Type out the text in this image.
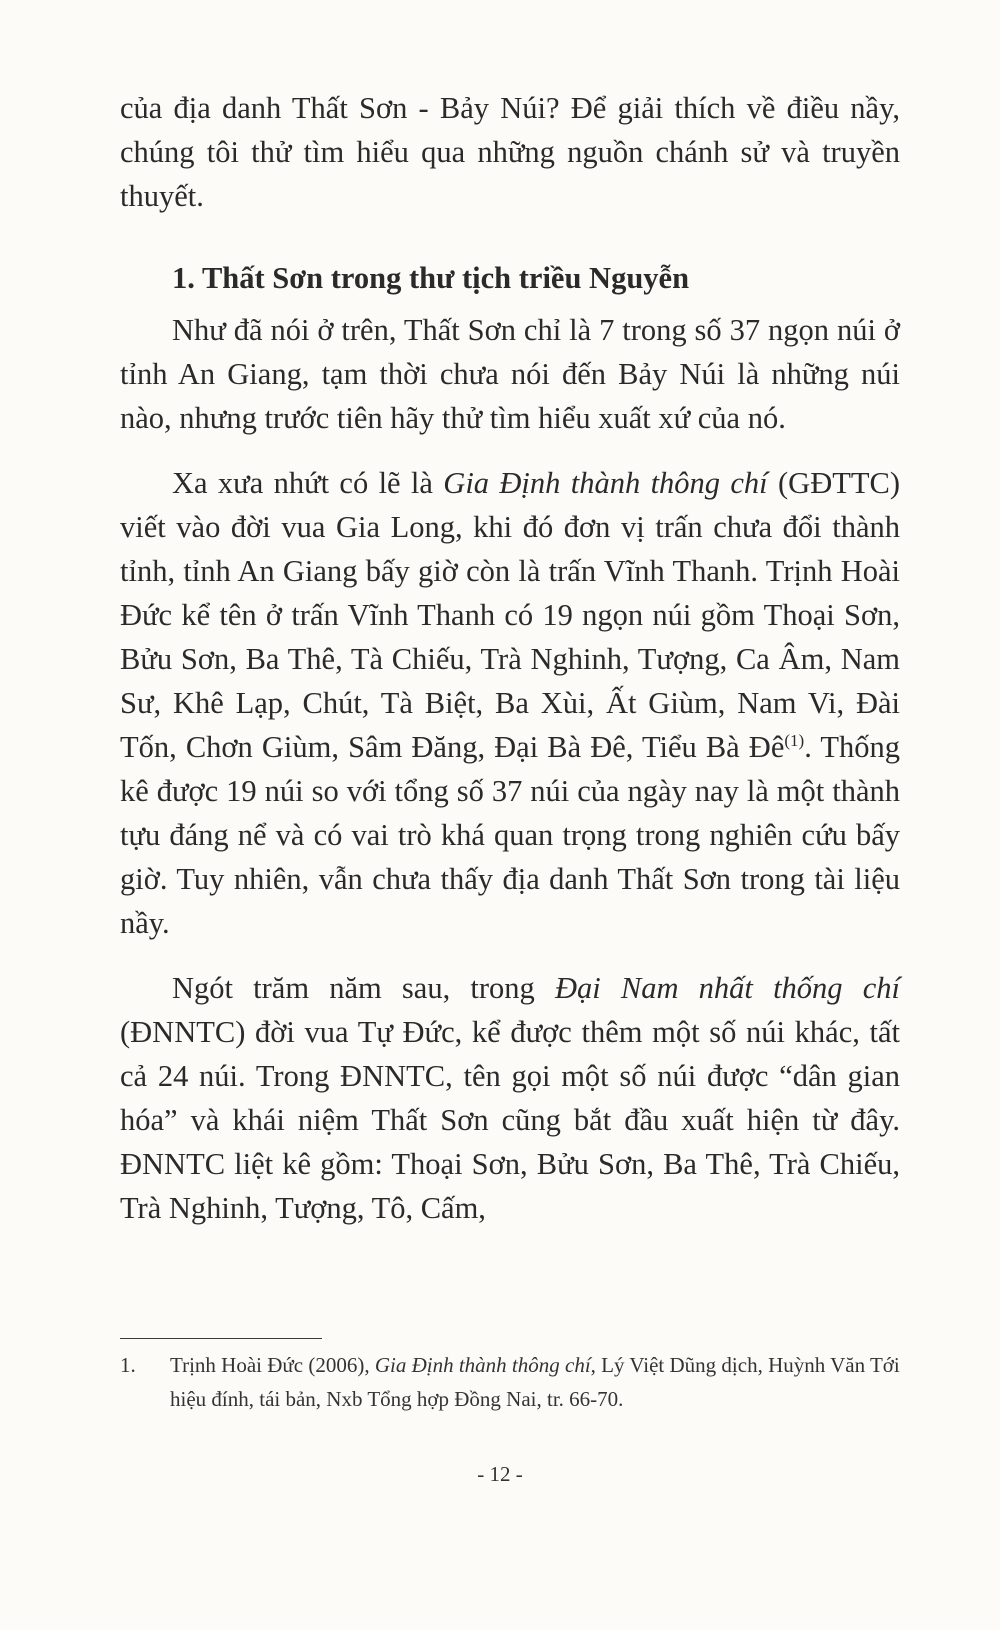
của địa danh Thất Sơn - Bảy Núi? Để giải thích về điều nầy, chúng tôi thử tìm hiểu qua những nguồn chánh sử và truyền thuyết.

1. Thất Sơn trong thư tịch triều Nguyễn

Như đã nói ở trên, Thất Sơn chỉ là 7 trong số 37 ngọn núi ở tỉnh An Giang, tạm thời chưa nói đến Bảy Núi là những núi nào, nhưng trước tiên hãy thử tìm hiểu xuất xứ của nó.

Xa xưa nhứt có lẽ là Gia Định thành thông chí (GĐTTC) viết vào đời vua Gia Long, khi đó đơn vị trấn chưa đổi thành tỉnh, tỉnh An Giang bấy giờ còn là trấn Vĩnh Thanh. Trịnh Hoài Đức kể tên ở trấn Vĩnh Thanh có 19 ngọn núi gồm Thoại Sơn, Bửu Sơn, Ba Thê, Tà Chiếu, Trà Nghinh, Tượng, Ca Âm, Nam Sư, Khê Lạp, Chút, Tà Biệt, Ba Xùi, Ất Giùm, Nam Vi, Đài Tốn, Chơn Giùm, Sâm Đăng, Đại Bà Đê, Tiểu Bà Đê$^{(1)}$. Thống kê được 19 núi so với tổng số 37 núi của ngày nay là một thành tựu đáng nể và có vai trò khá quan trọng trong nghiên cứu bấy giờ. Tuy nhiên, vẫn chưa thấy địa danh Thất Sơn trong tài liệu nầy.

Ngót trăm năm sau, trong Đại Nam nhất thống chí (ĐNNTC) đời vua Tự Đức, kể được thêm một số núi khác, tất cả 24 núi. Trong ĐNNTC, tên gọi một số núi được “dân gian hóa” và khái niệm Thất Sơn cũng bắt đầu xuất hiện từ đây. ĐNNTC liệt kê gồm: Thoại Sơn, Bửu Sơn, Ba Thê, Trà Chiếu, Trà Nghinh, Tượng, Tô, Cấm,

1.	Trịnh Hoài Đức (2006), Gia Định thành thông chí, Lý Việt Dũng dịch, Huỳnh Văn Tới hiệu đính, tái bản, Nxb Tổng hợp Đồng Nai, tr. 66-70.
- 12 -
